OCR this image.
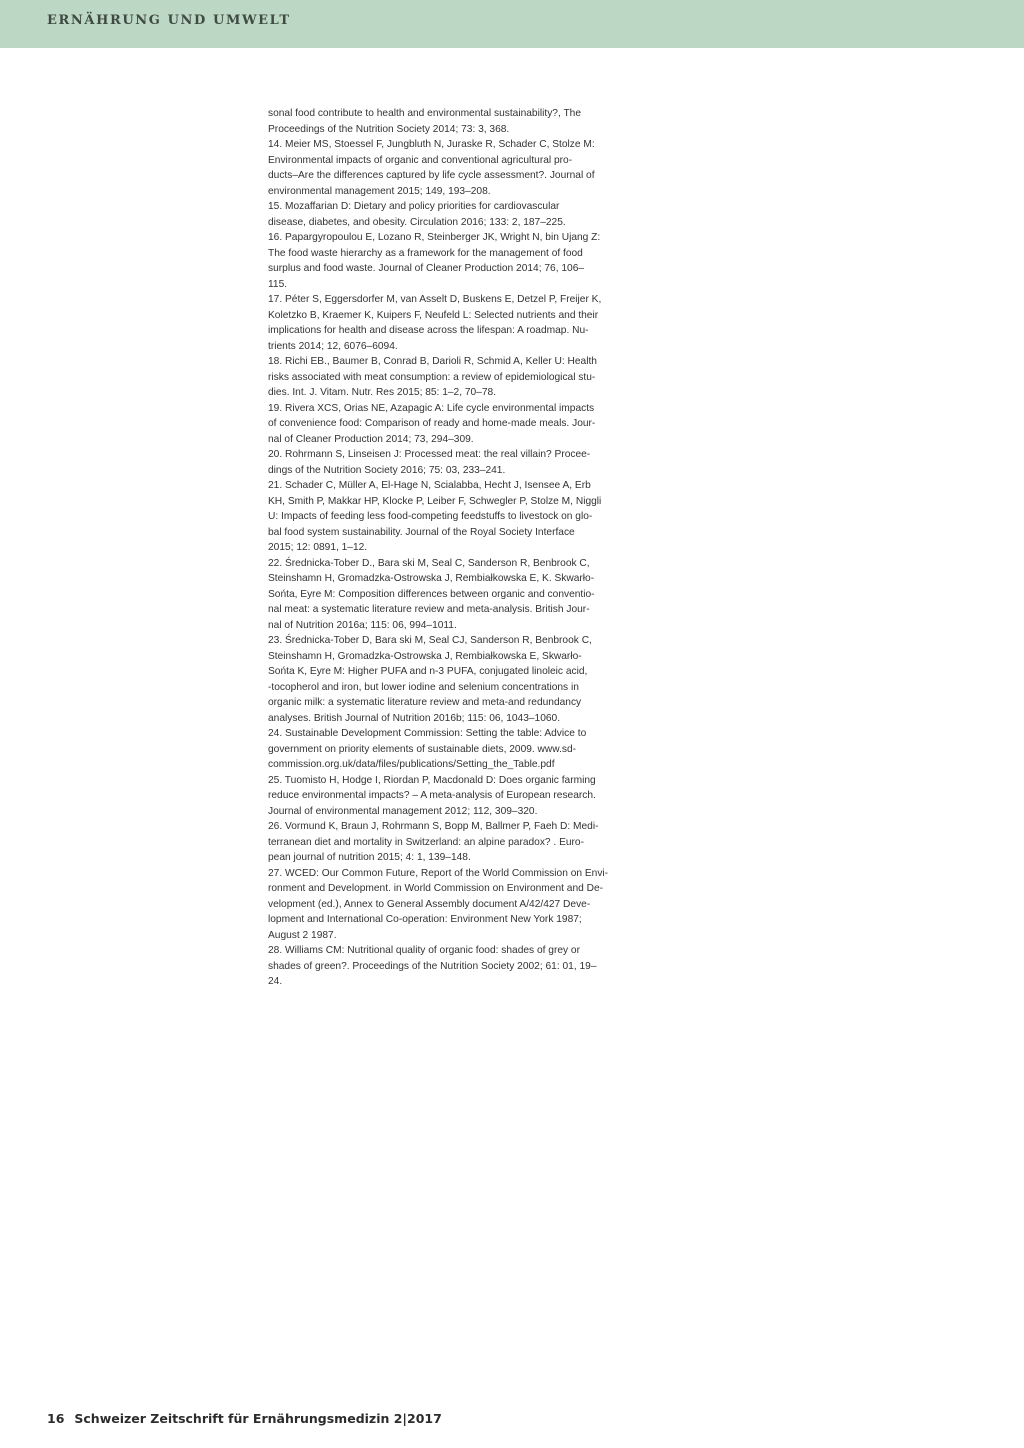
ERNÄHRUNG UND UMWELT
sonal food contribute to health and environmental sustainability?, The
Proceedings of the Nutrition Society 2014; 73: 3, 368.
14. Meier MS, Stoessel F, Jungbluth N, Juraske R, Schader C, Stolze M:
Environmental impacts of organic and conventional agricultural pro-
ducts–Are the differences captured by life cycle assessment?. Journal of
environmental management 2015; 149, 193–208.
15. Mozaffarian D: Dietary and policy priorities for cardiovascular
disease, diabetes, and obesity. Circulation 2016; 133: 2, 187–225.
16. Papargyropoulou E, Lozano R, Steinberger JK, Wright N, bin Ujang Z:
The food waste hierarchy as a framework for the management of food
surplus and food waste. Journal of Cleaner Production 2014; 76, 106–
115.
17. Péter S, Eggersdorfer M, van Asselt D, Buskens E, Detzel P, Freijer K,
Koletzko B, Kraemer K, Kuipers F, Neufeld L: Selected nutrients and their
implications for health and disease across the lifespan: A roadmap. Nu-
trients 2014; 12, 6076–6094.
18. Richi EB., Baumer B, Conrad B, Darioli R, Schmid A, Keller U: Health
risks associated with meat consumption: a review of epidemiological stu-
dies. Int. J. Vitam. Nutr. Res 2015; 85: 1–2, 70–78.
19. Rivera XCS, Orias NE, Azapagic A: Life cycle environmental impacts
of convenience food: Comparison of ready and home-made meals. Jour-
nal of Cleaner Production 2014; 73, 294–309.
20. Rohrmann S, Linseisen J: Processed meat: the real villain? Procee-
dings of the Nutrition Society 2016; 75: 03, 233–241.
21. Schader C, Müller A, El-Hage N, Scialabba, Hecht J, Isensee A, Erb
KH, Smith P, Makkar HP, Klocke P, Leiber F, Schwegler P, Stolze M, Niggli
U: Impacts of feeding less food-competing feedstuffs to livestock on glo-
bal food system sustainability. Journal of the Royal Society Interface
2015; 12: 0891, 1–12.
22. Średnicka-Tober D., Bara ski M, Seal C, Sanderson R, Benbrook C,
Steinshamn H, Gromadzka-Ostrowska J, Rembiałkowska E, K. Skwarło-
Sońta, Eyre M: Composition differences between organic and conventio-
nal meat: a systematic literature review and meta-analysis. British Jour-
nal of Nutrition 2016a; 115: 06, 994–1011.
23. Średnicka-Tober D, Bara ski M, Seal CJ, Sanderson R, Benbrook C,
Steinshamn H, Gromadzka-Ostrowska J, Rembiałkowska E, Skwarło-
Sońta K, Eyre M: Higher PUFA and n-3 PUFA, conjugated linoleic acid,
-tocopherol and iron, but lower iodine and selenium concentrations in
organic milk: a systematic literature review and meta-and redundancy
analyses. British Journal of Nutrition 2016b; 115: 06, 1043–1060.
24. Sustainable Development Commission: Setting the table: Advice to
government on priority elements of sustainable diets, 2009. www.sd-
commission.org.uk/data/files/publications/Setting_the_Table.pdf
25. Tuomisto H, Hodge I, Riordan P, Macdonald D: Does organic farming
reduce environmental impacts? – A meta-analysis of European research.
Journal of environmental management 2012; 112, 309–320.
26. Vormund K, Braun J, Rohrmann S, Bopp M, Ballmer P, Faeh D: Medi-
terranean diet and mortality in Switzerland: an alpine paradox? . Euro-
pean journal of nutrition 2015; 4: 1, 139–148.
27. WCED: Our Common Future, Report of the World Commission on Envi-
ronment and Development. in World Commission on Environment and De-
velopment (ed.), Annex to General Assembly document A/42/427 Deve-
lopment and International Co-operation: Environment New York 1987;
August 2 1987.
28. Williams CM: Nutritional quality of organic food: shades of grey or
shades of green?. Proceedings of the Nutrition Society 2002; 61: 01, 19–
24.
16 Schweizer Zeitschrift für Ernährungsmedizin 2|2017
